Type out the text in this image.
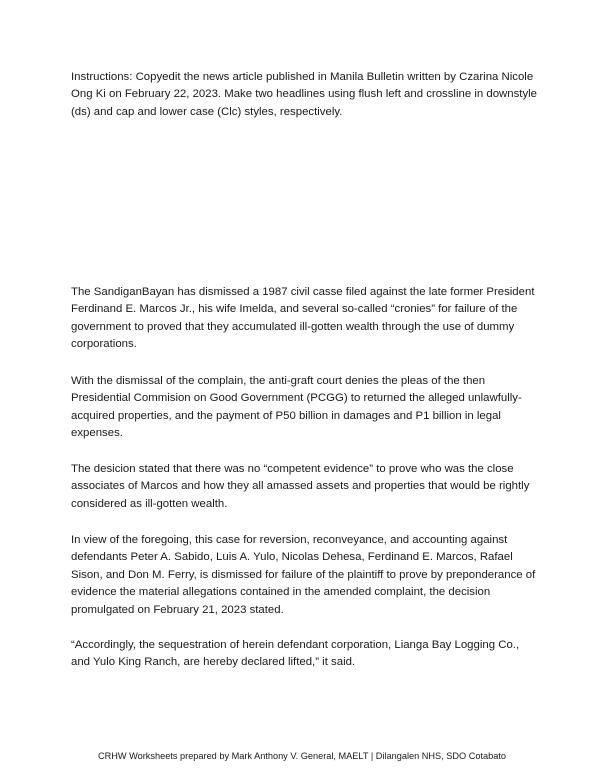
Instructions: Copyedit the news article published in Manila Bulletin written by Czarina Nicole Ong Ki on February 22, 2023. Make two headlines using flush left and crossline in downstyle (ds) and cap and lower case (Clc) styles, respectively.

The SandiganBayan has dismissed a 1987 civil casse filed against the late former President Ferdinand E. Marcos Jr., his wife Imelda, and several so-called “cronies” for failure of the government to proved that they accumulated ill-gotten wealth through the use of dummy corporations.

With the dismissal of the complain, the anti-graft court denies the pleas of the then Presidential Commision on Good Government (PCGG) to returned the alleged unlawfully-acquired properties, and the payment of P50 billion in damages and P1 billion in legal expenses.

The desicion stated that there was no “competent evidence” to prove who was the close associates of Marcos and how they all amassed assets and properties that would be rightly considered as ill-gotten wealth.

In view of the foregoing, this case for reversion, reconveyance, and accounting against defendants Peter A. Sabido, Luis A. Yulo, Nicolas Dehesa, Ferdinand E. Marcos, Rafael Sison, and Don M. Ferry, is dismissed for failure of the plaintiff to prove by preponderance of evidence the material allegations contained in the amended complaint, the decision promulgated on February 21, 2023 stated.

“Accordingly, the sequestration of herein defendant corporation, Lianga Bay Logging Co., and Yulo King Ranch, are hereby declared lifted,” it said.

CRHW Worksheets prepared by Mark Anthony V. General, MAELT | Dilangalen NHS, SDO Cotabato
